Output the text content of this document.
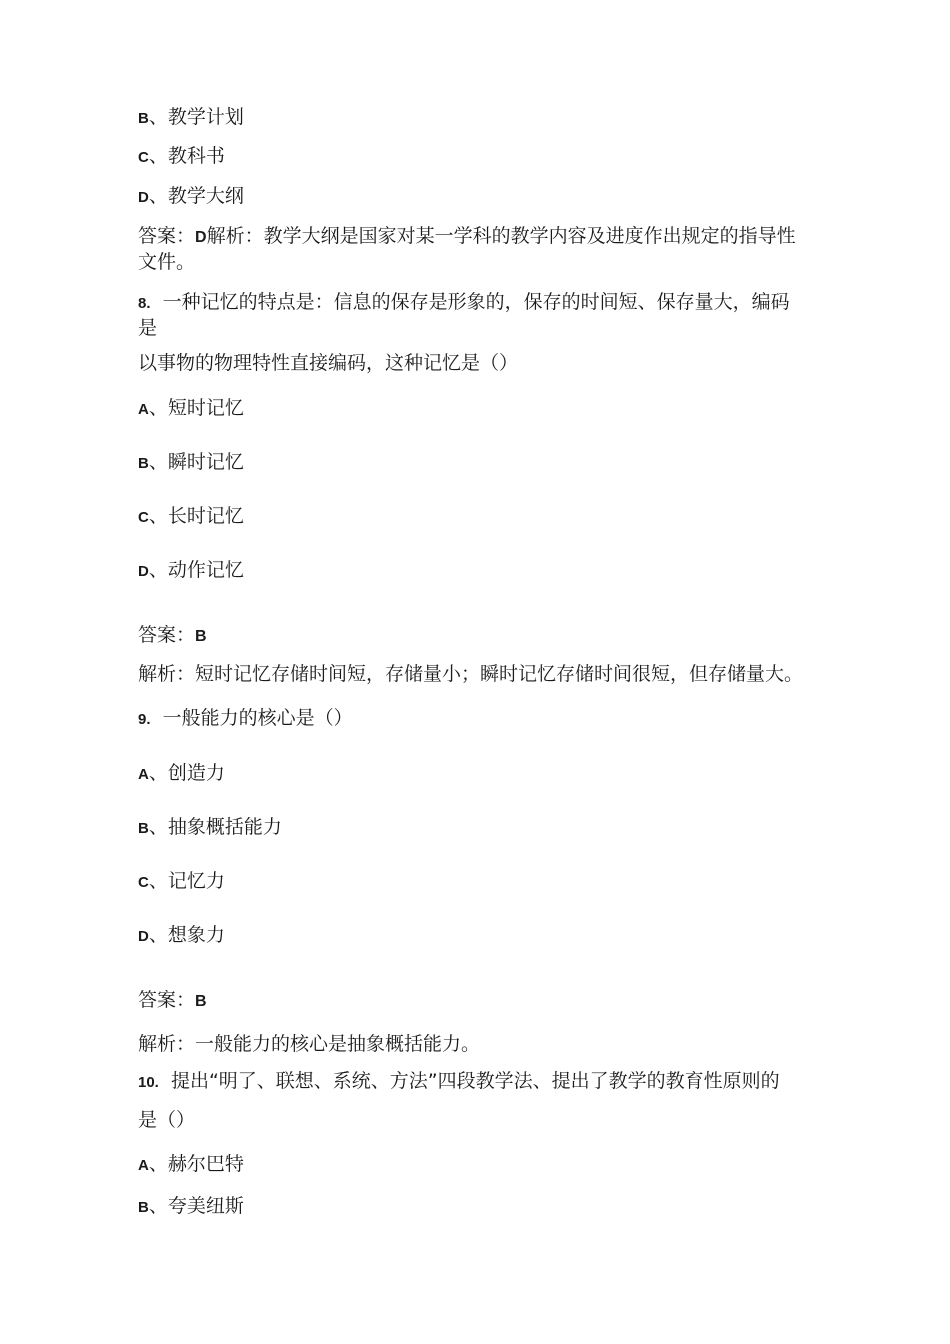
B、教学计划

C、教科书

D、教学大纲

答案：D解析：教学大纲是国家对某一学科的教学内容及进度作出规定的指导性

文件。

8. 一种记忆的特点是：信息的保存是形象的，保存的时间短、保存量大，编码

是

以事物的物理特性直接编码，这种记忆是（）

A、短时记忆

B、瞬时记忆

C、长时记忆

D、动作记忆

答案：B

解析：短时记忆存储时间短，存储量小；瞬时记忆存储时间很短，但存储量大。

9. 一般能力的核心是（）

A、创造力

B、抽象概括能力

C、记忆力

D、想象力

答案：B

解析：一般能力的核心是抽象概括能力。

10. 提出“明了、联想、系统、方法”四段教学法、提出了教学的教育性原则的

是（）

A、赫尔巴特

B、夸美纽斯
